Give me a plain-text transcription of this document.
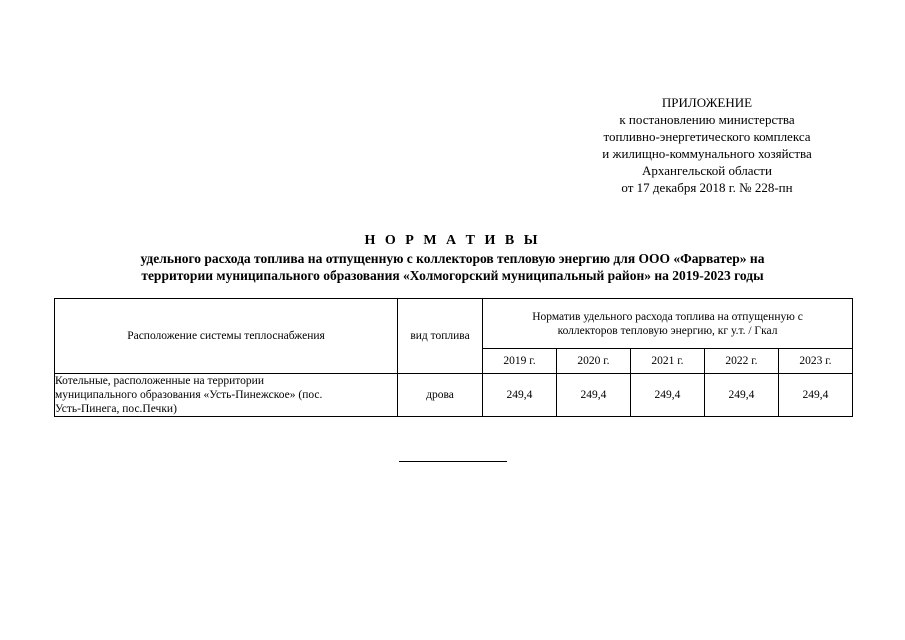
ПРИЛОЖЕНИЕ
к постановлению министерства
топливно-энергетического комплекса
и жилищно-коммунального хозяйства
Архангельской области
от 17 декабря 2018 г. № 228-пн
Н О Р М А Т И В Ы
удельного расхода топлива на отпущенную с коллекторов тепловую энергию для ООО «Фарватер» на
территории муниципального образования «Холмогорский муниципальный район» на 2019-2023 годы
Расположение системы теплоснабжения	вид топлива	Норматив удельного расхода топлива на отпущенную с
коллекторов тепловую энергию, кг у.т. / Гкал				

		2019 г.	2020 г.	2021 г.	2022 г.	2023 г.

Котельные, расположенные на территории
муниципального образования «Усть-Пинежское» (пос.
Усть-Пинега, пос.Печки)	дрова	249,4	249,4	249,4	249,4	249,4
